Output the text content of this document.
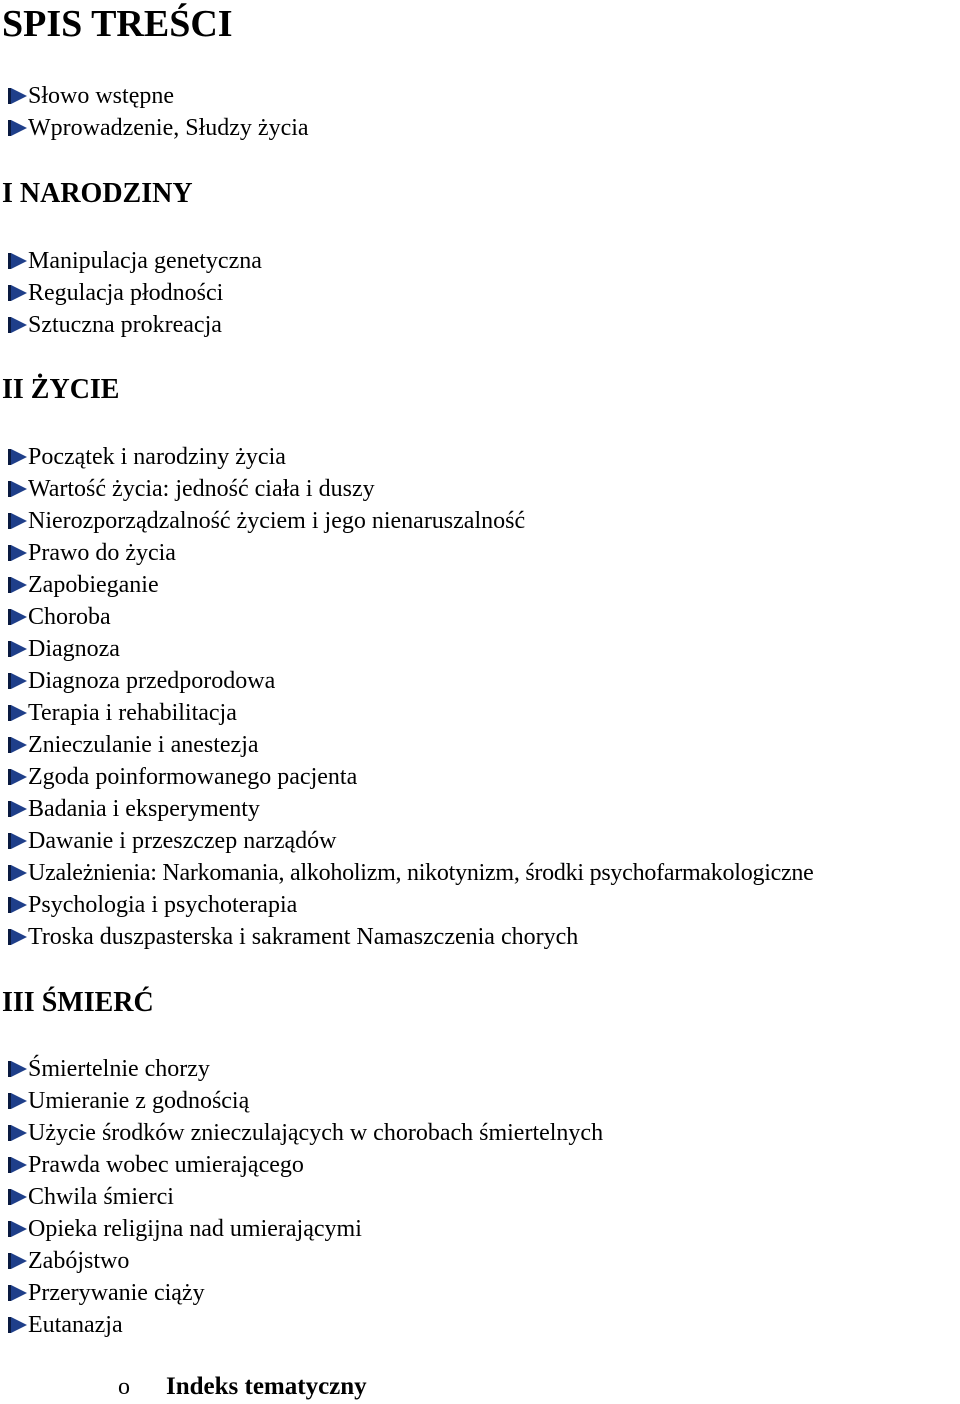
SPIS TREŚCI
Słowo wstępne
Wprowadzenie, Słudzy życia
I NARODZINY
Manipulacja genetyczna
Regulacja płodności
Sztuczna prokreacja
II ŻYCIE
Początek i narodziny życia
Wartość życia: jedność ciała i duszy
Nierozporządzalność życiem i jego nienaruszalność
Prawo do życia
Zapobieganie
Choroba
Diagnoza
Diagnoza przedporodowa
Terapia i rehabilitacja
Znieczulanie i anestezja
Zgoda poinformowanego pacjenta
Badania i eksperymenty
Dawanie i przeszczep narządów
Uzależnienia: Narkomania, alkoholizm, nikotynizm, środki psychofarmakologiczne
Psychologia i psychoterapia
Troska duszpasterska i sakrament Namaszczenia chorych
III ŚMIERĆ
Śmiertelnie chorzy
Umieranie z godnością
Użycie środków znieczulających w chorobach śmiertelnych
Prawda wobec umierającego
Chwila śmierci
Opieka religijna nad umierającymi
Zabójstwo
Przerywanie ciąży
Eutanazja
o	Indeks tematyczny
